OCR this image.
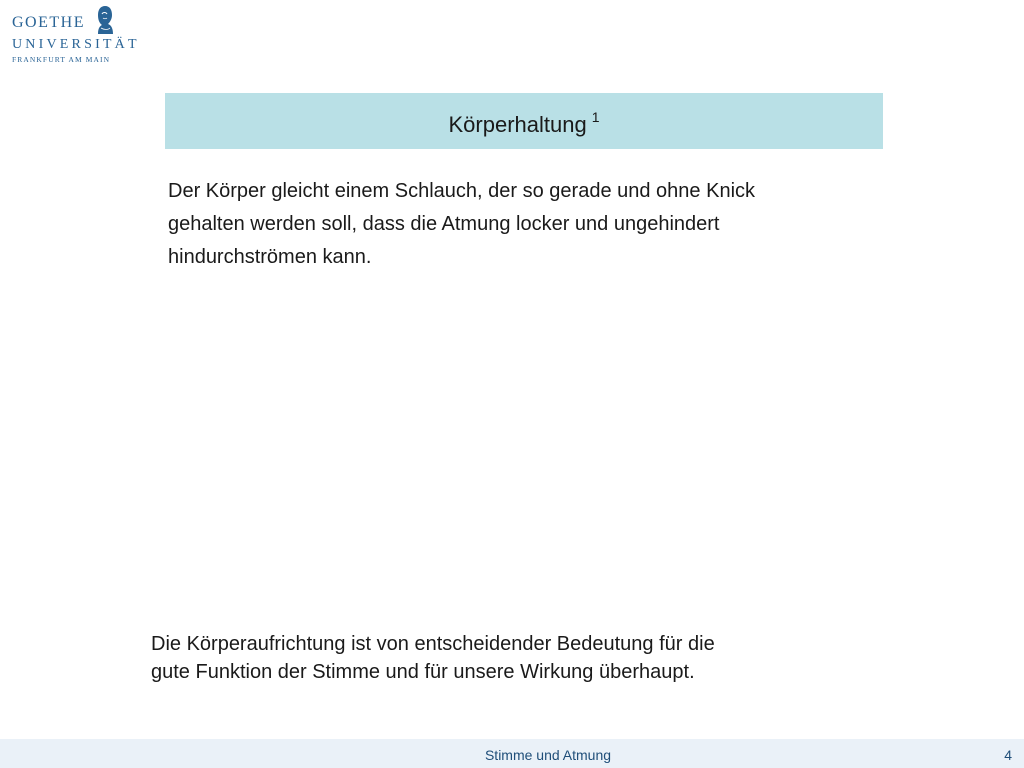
GOETHE
UNIVERSITÄT
FRANKFURT AM MAIN
Körperhaltung $^1$
Der Körper gleicht einem Schlauch, der so gerade und ohne Knick
gehalten werden soll, dass die Atmung locker und ungehindert
hindurchströmen kann.
Die Körperaufrichtung ist von entscheidender Bedeutung für die
gute Funktion der Stimme und für unsere Wirkung überhaupt.
Stimme und Atmung	4
